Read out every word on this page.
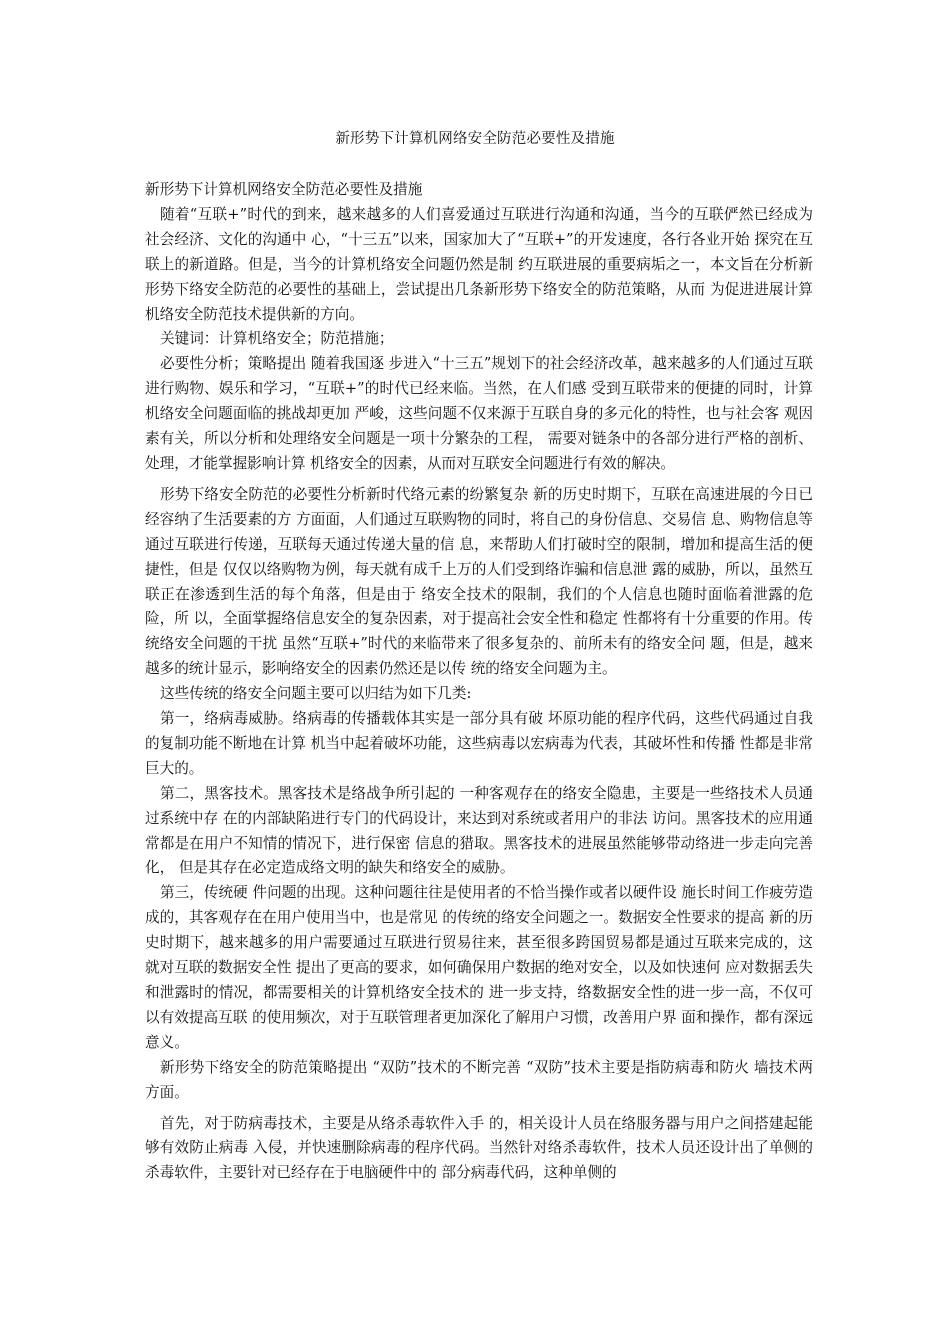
新形势下计算机网络安全防范必要性及措施

新形势下计算机网络安全防范必要性及措施

随着“互联+”时代的到来，越来越多的人们喜爱通过互联进行沟通和沟通，当今的互联俨然已经成为社会经济、文化的沟通中 心，“十三五”以来，国家加大了“互联+”的开发速度，各行各业开始 探究在互联上的新道路。但是，当今的计算机络安全问题仍然是制 约互联进展的重要病垢之一，本文旨在分析新形势下络安全防范的必要性的基础上，尝试提出几条新形势下络安全的防范策略，从而 为促进进展计算机络安全防范技术提供新的方向。

关键词：计算机络安全；防范措施；

必要性分析；策略提出 随着我国逐 步进入“十三五”规划下的社会经济改革，越来越多的人们通过互联 进行购物、娱乐和学习，“互联+”的时代已经来临。当然，在人们感 受到互联带来的便捷的同时，计算机络安全问题面临的挑战却更加 严峻，这些问题不仅来源于互联自身的多元化的特性，也与社会客 观因素有关，所以分析和处理络安全问题是一项十分繁杂的工程， 需要对链条中的各部分进行严格的剖析、处理，才能掌握影响计算 机络安全的因素，从而对互联安全问题进行有效的解决。

形势下络安全防范的必要性分析新时代络元素的纷繁复杂 新的历史时期下，互联在高速进展的今日已经容纳了生活要素的方 方面面，人们通过互联购物的同时，将自己的身份信息、交易信 息、购物信息等通过互联进行传递，互联每天通过传递大量的信 息，来帮助人们打破时空的限制，增加和提高生活的便捷性，但是 仅仅以络购物为例，每天就有成千上万的人们受到络诈骗和信息泄 露的威胁，所以，虽然互联正在渗透到生活的每个角落，但是由于 络安全技术的限制，我们的个人信息也随时面临着泄露的危险，所 以，全面掌握络信息安全的复杂因素，对于提高社会安全性和稳定 性都将有十分重要的作用。传统络安全问题的干扰 虽然“互联+”时代的来临带来了很多复杂的、前所未有的络安全问 题，但是，越来越多的统计显示，影响络安全的因素仍然还是以传 统的络安全问题为主。

这些传统的络安全问题主要可以归结为如下几类:

第一，络病毒威胁。络病毒的传播载体其实是一部分具有破 坏原功能的程序代码，这些代码通过自我的复制功能不断地在计算 机当中起着破坏功能，这些病毒以宏病毒为代表，其破坏性和传播 性都是非常巨大的。

第二，黑客技术。黑客技术是络战争所引起的 一种客观存在的络安全隐患，主要是一些络技术人员通过系统中存 在的内部缺陷进行专门的代码设计，来达到对系统或者用户的非法 访问。黑客技术的应用通常都是在用户不知情的情况下，进行保密 信息的猎取。黑客技术的进展虽然能够带动络进一步走向完善化， 但是其存在必定造成络文明的缺失和络安全的威胁。

第三，传统硬 件问题的出现。这种问题往往是使用者的不恰当操作或者以硬件设 施长时间工作疲劳造成的，其客观存在在用户使用当中，也是常见 的传统的络安全问题之一。数据安全性要求的提高 新的历史时期下，越来越多的用户需要通过互联进行贸易往来，甚至很多跨国贸易都是通过互联来完成的，这就对互联的数据安全性 提出了更高的要求，如何确保用户数据的绝对安全，以及如快速何 应对数据丢失和泄露时的情况，都需要相关的计算机络安全技术的 进一步支持，络数据安全性的进一步一高，不仅可以有效提高互联 的使用频次，对于互联管理者更加深化了解用户习惯，改善用户界 面和操作，都有深远意义。

新形势下络安全的防范策略提出 “双防”技术的不断完善 “双防”技术主要是指防病毒和防火 墙技术两方面。

首先，对于防病毒技术，主要是从络杀毒软件入手 的，相关设计人员在络服务器与用户之间搭建起能够有效防止病毒 入侵，并快速删除病毒的程序代码。当然针对络杀毒软件，技术人员还设计出了单侧的杀毒软件，主要针对已经存在于电脑硬件中的 部分病毒代码，这种单侧的
